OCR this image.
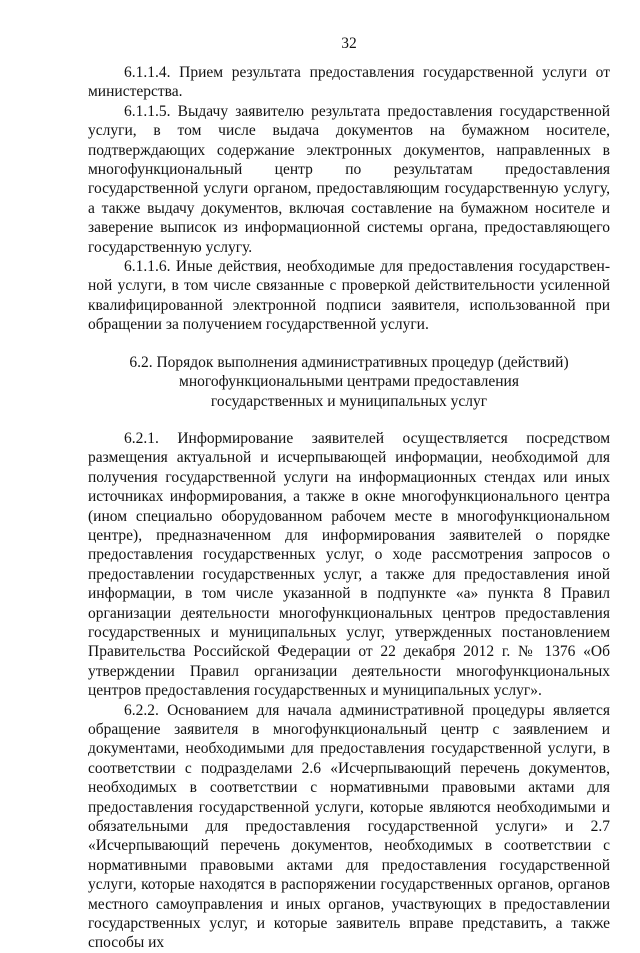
32

6.1.1.4. Прием результата предоставления государственной услуги от министерства.

6.1.1.5. Выдачу заявителю результата предоставления государственной услуги, в том числе выдача документов на бумажном носителе, подтверждающих содержание электронных документов, направленных в многофункциональный центр по результатам предоставления государственной услуги органом, предоставляющим государственную услугу, а также выдачу документов, включая составление на бумажном носителе и заверение выписок из информационной системы органа, предоставляющего государственную услугу.

6.1.1.6. Иные действия, необходимые для предоставления государственной услуги, в том числе связанные с проверкой действительности усиленной квалифицированной электронной подписи заявителя, использованной при обращении за получением государственной услуги.

6.2. Порядок выполнения административных процедур (действий)
многофункциональными центрами предоставления
государственных и муниципальных услуг

6.2.1. Информирование заявителей осуществляется посредством размещения актуальной и исчерпывающей информации, необходимой для получения государственной услуги на информационных стендах или иных источниках информирования, а также в окне многофункционального центра (ином специально оборудованном рабочем месте в многофункциональном центре), предназначенном для информирования заявителей о порядке предоставления государственных услуг, о ходе рассмотрения запросов о предоставлении государственных услуг, а также для предоставления иной информации, в том числе указанной в подпункте «а» пункта 8 Правил организации деятельности многофункциональных центров предоставления государственных и муниципальных услуг, утвержденных постановлением Правительства Российской Федерации от 22 декабря 2012 г. № 1376 «Об утверждении Правил организации деятельности многофункциональных центров предоставления государственных и муниципальных услуг».

6.2.2. Основанием для начала административной процедуры является обращение заявителя в многофункциональный центр с заявлением и документами, необходимыми для предоставления государственной услуги, в соответствии с подразделами 2.6 «Исчерпывающий перечень документов, необходимых в соответствии с нормативными правовыми актами для предоставления государственной услуги, которые являются необходимыми и обязательными для предоставления государственной услуги» и 2.7 «Исчерпывающий перечень документов, необходимых в соответствии с нормативными правовыми актами для предоставления государственной услуги, которые находятся в распоряжении государственных органов, органов местного самоуправления и иных органов, участвующих в предоставлении государственных услуг, и которые заявитель вправе представить, а также способы их
